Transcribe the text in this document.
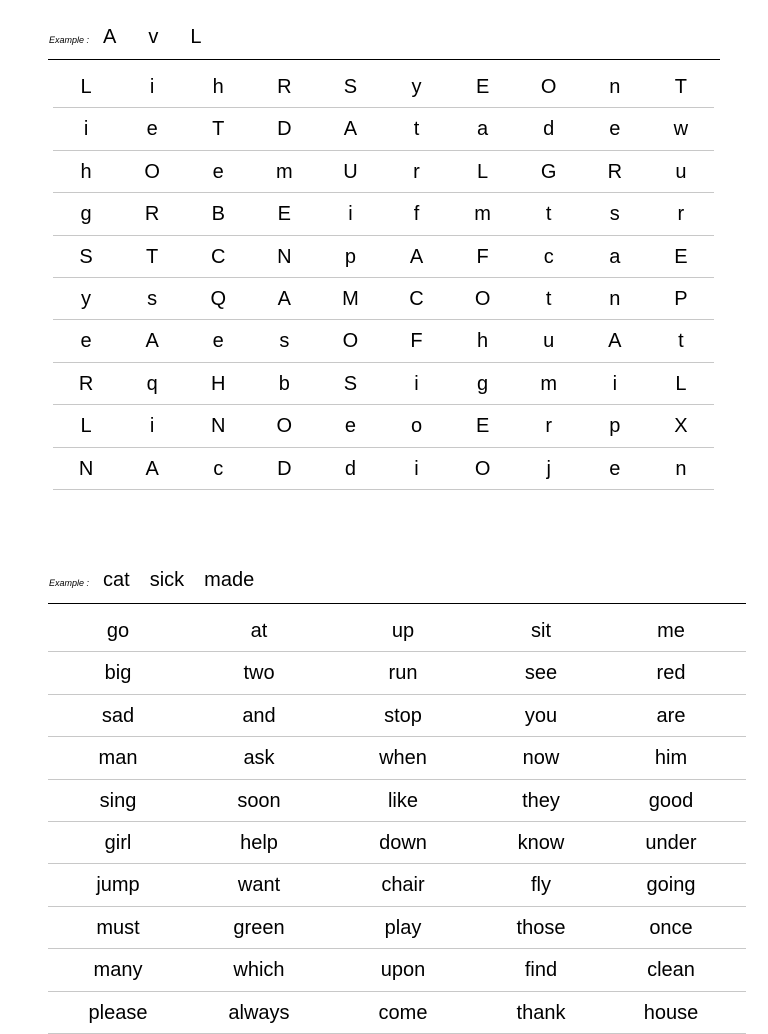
Example : A v L
L	i	h	R	S	y	E	O	n	T
i	e	T	D	A	t	a	d	e	w
h	O	e	m	U	r	L	G	R	u
g	R	B	E	i	f	m	t	s	r
S	T	C	N	p	A	F	c	a	E
y	s	Q	A	M	C	O	t	n	P
e	A	e	s	O	F	h	u	A	t
R	q	H	b	S	i	g	m	i	L
L	i	N	O	e	o	E	r	p	X
N	A	c	D	d	i	O	j	e	n
Example : cat sick made
go	at	up	sit	me
big	two	run	see	red
sad	and	stop	you	are
man	ask	when	now	him
sing	soon	like	they	good
girl	help	down	know	under
jump	want	chair	fly	going
must	green	play	those	once
many	which	upon	find	clean
please	always	come	thank	house
